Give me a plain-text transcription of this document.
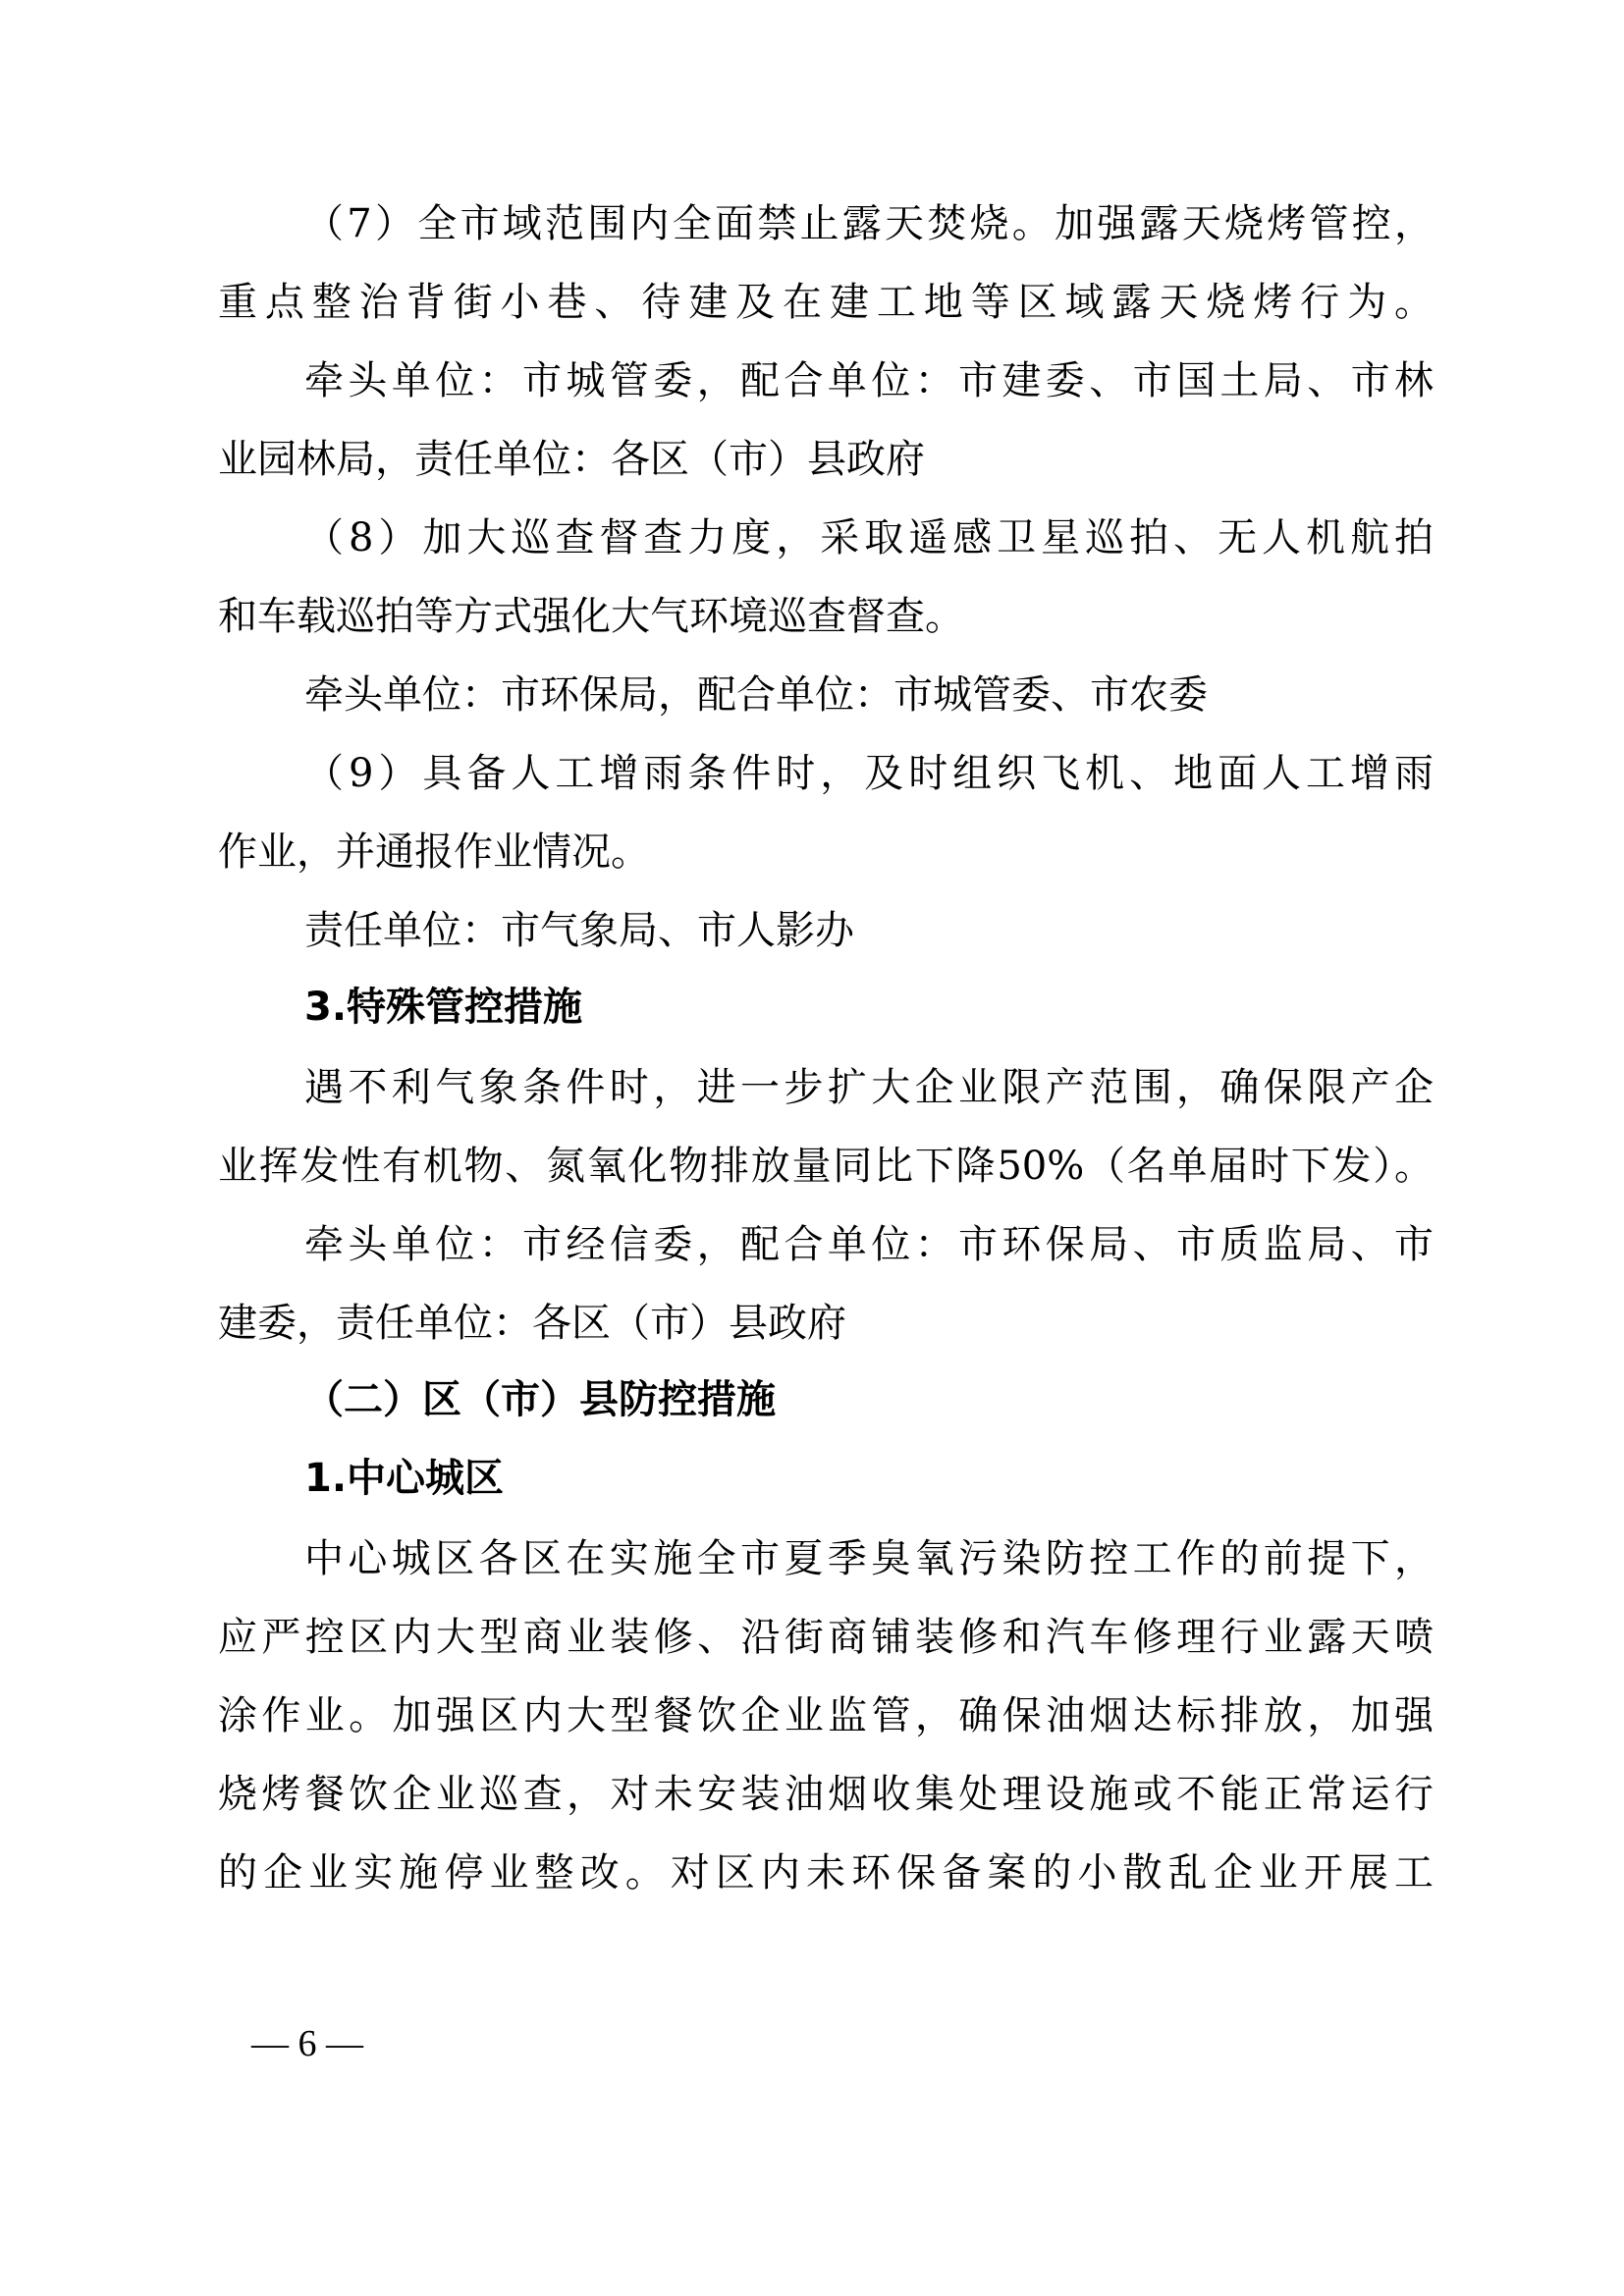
（7）全市域范围内全面禁止露天焚烧。加强露天烧烤管控，
重点整治背街小巷、待建及在建工地等区域露天烧烤行为。
牵头单位：市城管委，配合单位：市建委、市国土局、市林
业园林局，责任单位：各区（市）县政府
（8）加大巡查督查力度，采取遥感卫星巡拍、无人机航拍
和车载巡拍等方式强化大气环境巡查督查。
牵头单位：市环保局，配合单位：市城管委、市农委
（9）具备人工增雨条件时，及时组织飞机、地面人工增雨
作业，并通报作业情况。
责任单位：市气象局、市人影办
3.特殊管控措施
遇不利气象条件时，进一步扩大企业限产范围，确保限产企
业挥发性有机物、氮氧化物排放量同比下降50%（名单届时下发）。
牵头单位：市经信委，配合单位：市环保局、市质监局、市
建委，责任单位：各区（市）县政府
（二）区（市）县防控措施
1.中心城区
中心城区各区在实施全市夏季臭氧污染防控工作的前提下，
应严控区内大型商业装修、沿街商铺装修和汽车修理行业露天喷
涂作业。加强区内大型餐饮企业监管，确保油烟达标排放，加强
烧烤餐饮企业巡查，对未安装油烟收集处理设施或不能正常运行
的企业实施停业整改。对区内未环保备案的小散乱企业开展工
— 6 —
